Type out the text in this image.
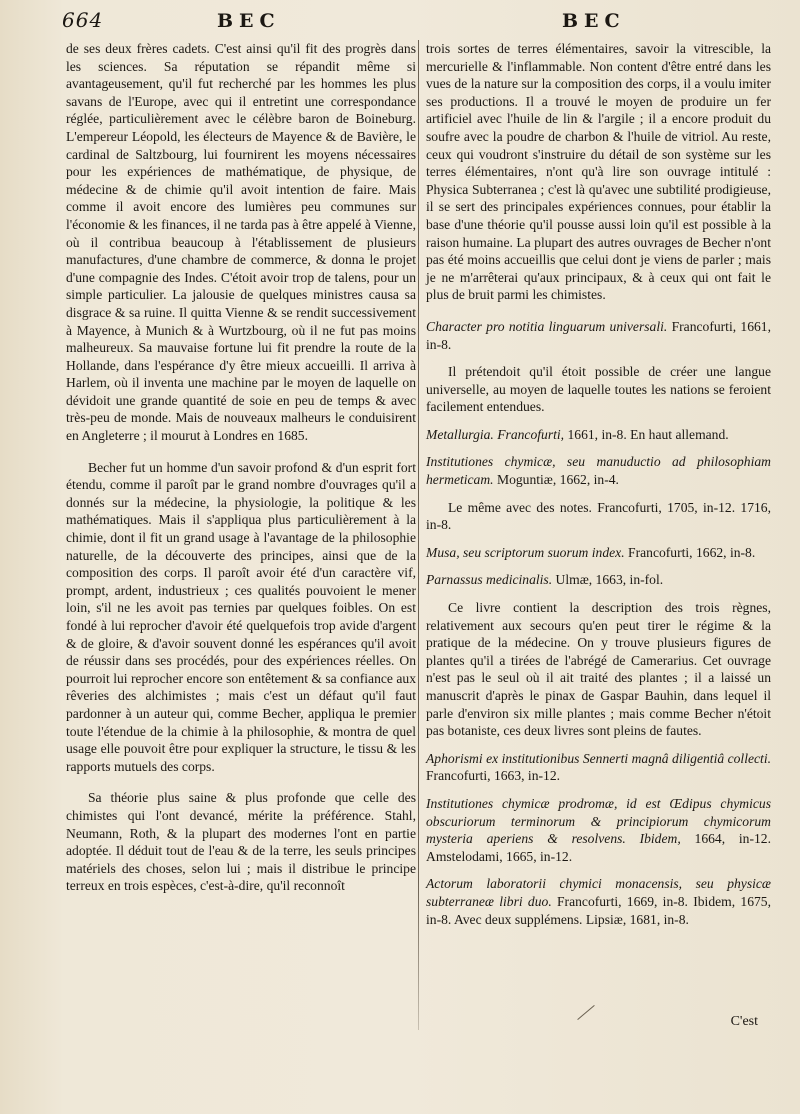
664	BEC	BEC

de ses deux frères cadets. C'est ainsi qu'il fit des progrès dans les sciences. Sa réputation se répandit même si avantageusement, qu'il fut recherché par les hommes les plus savans de l'Europe, avec qui il entretint une correspondance réglée, particulièrement avec le célèbre baron de Boineburg. L'empereur Léopold, les électeurs de Mayence & de Bavière, le cardinal de Saltzbourg, lui fournirent les moyens nécessaires pour les expériences de mathématique, de physique, de médecine & de chimie qu'il avoit intention de faire. Mais comme il avoit encore des lumières peu communes sur l'économie & les finances, il ne tarda pas à être appelé à Vienne, où il contribua beaucoup à l'établissement de plusieurs manufactures, d'une chambre de commerce, & donna le projet d'une compagnie des Indes. C'étoit avoir trop de talens, pour un simple particulier. La jalousie de quelques ministres causa sa disgrace & sa ruine. Il quitta Vienne & se rendit successivement à Mayence, à Munich & à Wurtzbourg, où il ne fut pas moins malheureux. Sa mauvaise fortune lui fit prendre la route de la Hollande, dans l'espérance d'y être mieux accueilli. Il arriva à Harlem, où il inventa une machine par le moyen de laquelle on dévidoit une grande quantité de soie en peu de temps & avec très-peu de monde. Mais de nouveaux malheurs le conduisirent en Angleterre ; il mourut à Londres en 1685.

Becher fut un homme d'un savoir profond & d'un esprit fort étendu, comme il paroît par le grand nombre d'ouvrages qu'il a donnés sur la médecine, la physiologie, la politique & les mathématiques. Mais il s'appliqua plus particulièrement à la chimie, dont il fit un grand usage à l'avantage de la philosophie naturelle, de la découverte des principes, ainsi que de la composition des corps. Il paroît avoir été d'un caractère vif, prompt, ardent, industrieux ; ces qualités pouvoient le mener loin, s'il ne les avoit pas ternies par quelques foibles. On est fondé à lui reprocher d'avoir été quelquefois trop avide d'argent & de gloire, & d'avoir souvent donné les espérances qu'il avoit de réussir dans ses procédés, pour des expériences réelles. On pourroit lui reprocher encore son entêtement & sa confiance aux rêveries des alchimistes ; mais c'est un défaut qu'il faut pardonner à un auteur qui, comme Becher, appliqua le premier toute l'étendue de la chimie à la philosophie, & montra de quel usage elle pouvoit être pour expliquer la structure, le tissu & les rapports mutuels des corps.

Sa théorie plus saine & plus profonde que celle des chimistes qui l'ont devancé, mérite la préférence. Stahl, Neumann, Roth, & la plupart des modernes l'ont en partie adoptée. Il déduit tout de l'eau & de la terre, les seuls principes matériels des choses, selon lui ; mais il distribue le principe terreux en trois espèces, c'est-à-dire, qu'il reconnoît

trois sortes de terres élémentaires, savoir la vitrescible, la mercurielle & l'inflammable. Non content d'être entré dans les vues de la nature sur la composition des corps, il a voulu imiter ses productions. Il a trouvé le moyen de produire un fer artificiel avec l'huile de lin & l'argile ; il a encore produit du soufre avec la poudre de charbon & l'huile de vitriol. Au reste, ceux qui voudront s'instruire du détail de son système sur les terres élémentaires, n'ont qu'à lire son ouvrage intitulé : Physica Subterranea ; c'est là qu'avec une subtilité prodigieuse, il se sert des principales expériences connues, pour établir la base d'une théorie qu'il pousse aussi loin qu'il est possible à la raison humaine. La plupart des autres ouvrages de Becher n'ont pas été moins accueillis que celui dont je viens de parler ; mais je ne m'arrêterai qu'aux principaux, & à ceux qui ont fait le plus de bruit parmi les chimistes.

Character pro notitia linguarum universali. Francofurti, 1661, in-8.

Il prétendoit qu'il étoit possible de créer une langue universelle, au moyen de laquelle toutes les nations se feroient facilement entendues.

Metallurgia. Francofurti, 1661, in-8. En haut allemand.

Institutiones chymicæ, seu manuductio ad philosophiam hermeticam. Moguntiæ, 1662, in-4.

Le même avec des notes. Francofurti, 1705, in-12. 1716, in-8.

Musa, seu scriptorum suorum index. Francofurti, 1662, in-8.

Parnassus medicinalis. Ulmæ, 1663, in-fol.

Ce livre contient la description des trois règnes, relativement aux secours qu'en peut tirer le régime & la pratique de la médecine. On y trouve plusieurs figures de plantes qu'il a tirées de l'abrégé de Camerarius. Cet ouvrage n'est pas le seul où il ait traité des plantes ; il a laissé un manuscrit d'après le pinax de Gaspar Bauhin, dans lequel il parle d'environ six mille plantes ; mais comme Becher n'étoit pas botaniste, ces deux livres sont pleins de fautes.

Aphorismi ex institutionibus Sennerti magnâ diligentiâ collecti. Francofurti, 1663, in-12.

Institutiones chymicæ prodromæ, id est Œdipus chymicus obscuriorum terminorum & principiorum chymicorum mysteria aperiens & resolvens. Ibidem, 1664, in-12. Amstelodami, 1665, in-12.

Actorum laboratorii chymici monacensis, seu physicæ subterraneæ libri duo. Francofurti, 1669, in-8. Ibidem, 1675, in-8. Avec deux supplémens. Lipsiæ, 1681, in-8.

C'est
